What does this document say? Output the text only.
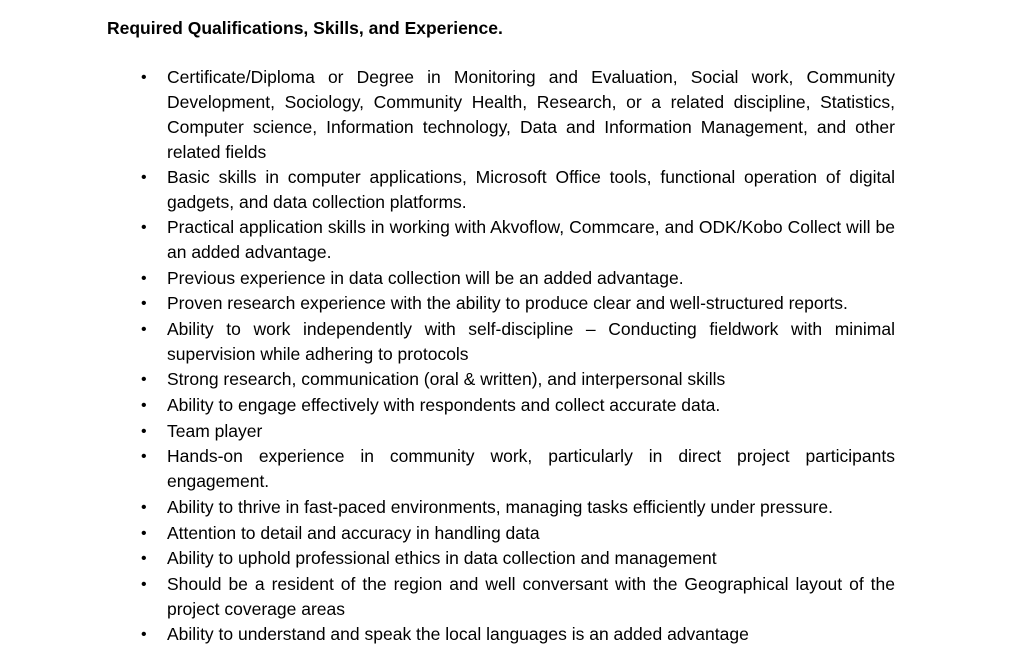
Required Qualifications, Skills, and Experience.
•	Certificate/Diploma or Degree in Monitoring and Evaluation, Social work, Community Development, Sociology, Community Health, Research, or a related discipline, Statistics, Computer science, Information technology, Data and Information Management, and other related fields
•	Basic skills in computer applications, Microsoft Office tools, functional operation of digital gadgets, and data collection platforms.
•	Practical application skills in working with Akvoflow, Commcare, and ODK/Kobo Collect will be an added advantage.
•	Previous experience in data collection will be an added advantage.
•	Proven research experience with the ability to produce clear and well-structured reports.
•	Ability to work independently with self-discipline – Conducting fieldwork with minimal supervision while adhering to protocols
•	Strong research, communication (oral & written), and interpersonal skills
•	Ability to engage effectively with respondents and collect accurate data.
•	Team player
•	Hands-on experience in community work, particularly in direct project participants engagement.
•	Ability to thrive in fast-paced environments, managing tasks efficiently under pressure.
•	Attention to detail and accuracy in handling data
•	Ability to uphold professional ethics in data collection and management
•	Should be a resident of the region and well conversant with the Geographical layout of the project coverage areas
•	Ability to understand and speak the local languages is an added advantage
